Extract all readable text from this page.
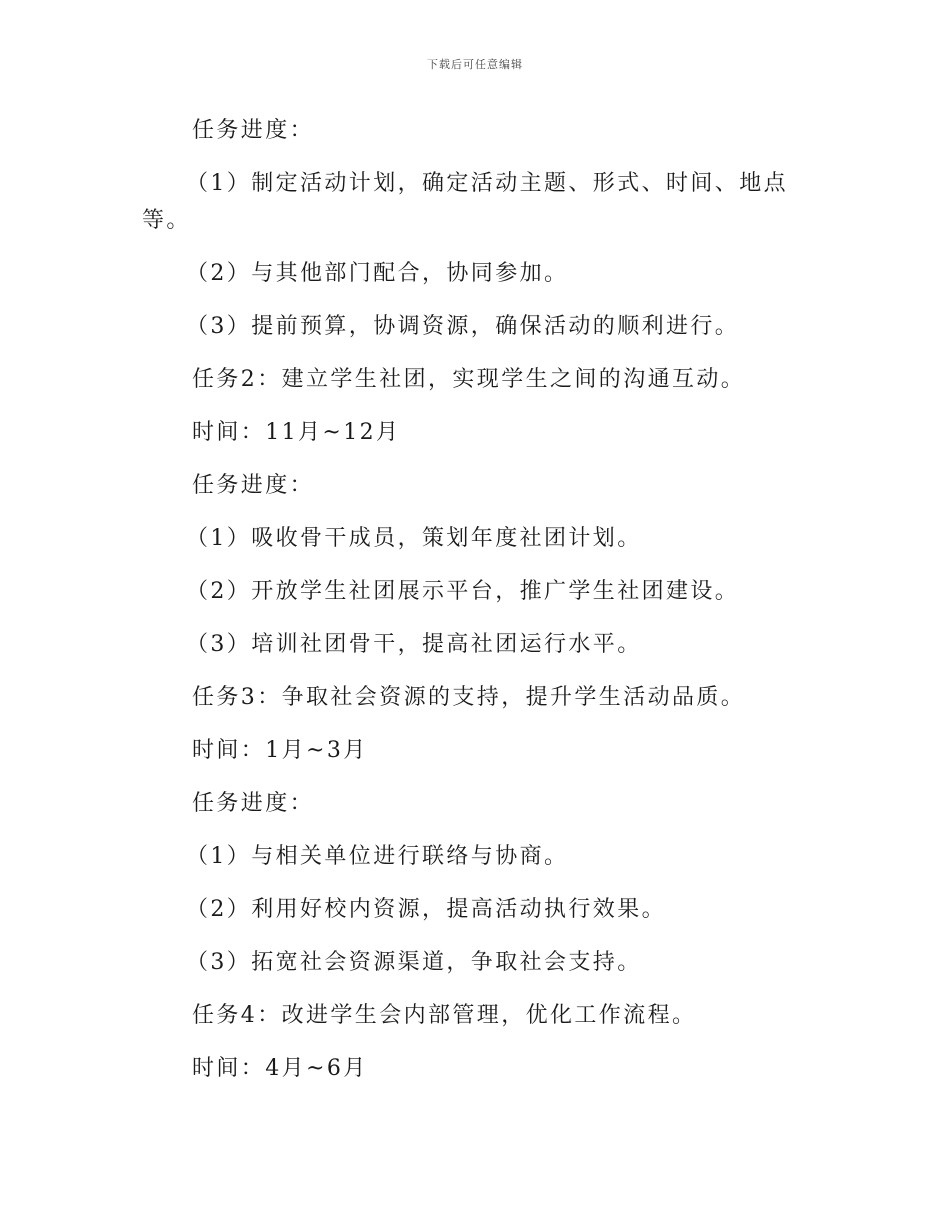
下载后可任意编辑

任务进度：

（1）制定活动计划，确定活动主题、形式、时间、地点等。

（2）与其他部门配合，协同参加。

（3）提前预算，协调资源，确保活动的顺利进行。

任务2：建立学生社团，实现学生之间的沟通互动。

时间：11月~12月

任务进度：

（1）吸收骨干成员，策划年度社团计划。

（2）开放学生社团展示平台，推广学生社团建设。

（3）培训社团骨干，提高社团运行水平。

任务3：争取社会资源的支持，提升学生活动品质。

时间：1月~3月

任务进度：

（1）与相关单位进行联络与协商。

（2）利用好校内资源，提高活动执行效果。

（3）拓宽社会资源渠道，争取社会支持。

任务4：改进学生会内部管理，优化工作流程。

时间：4月~6月
